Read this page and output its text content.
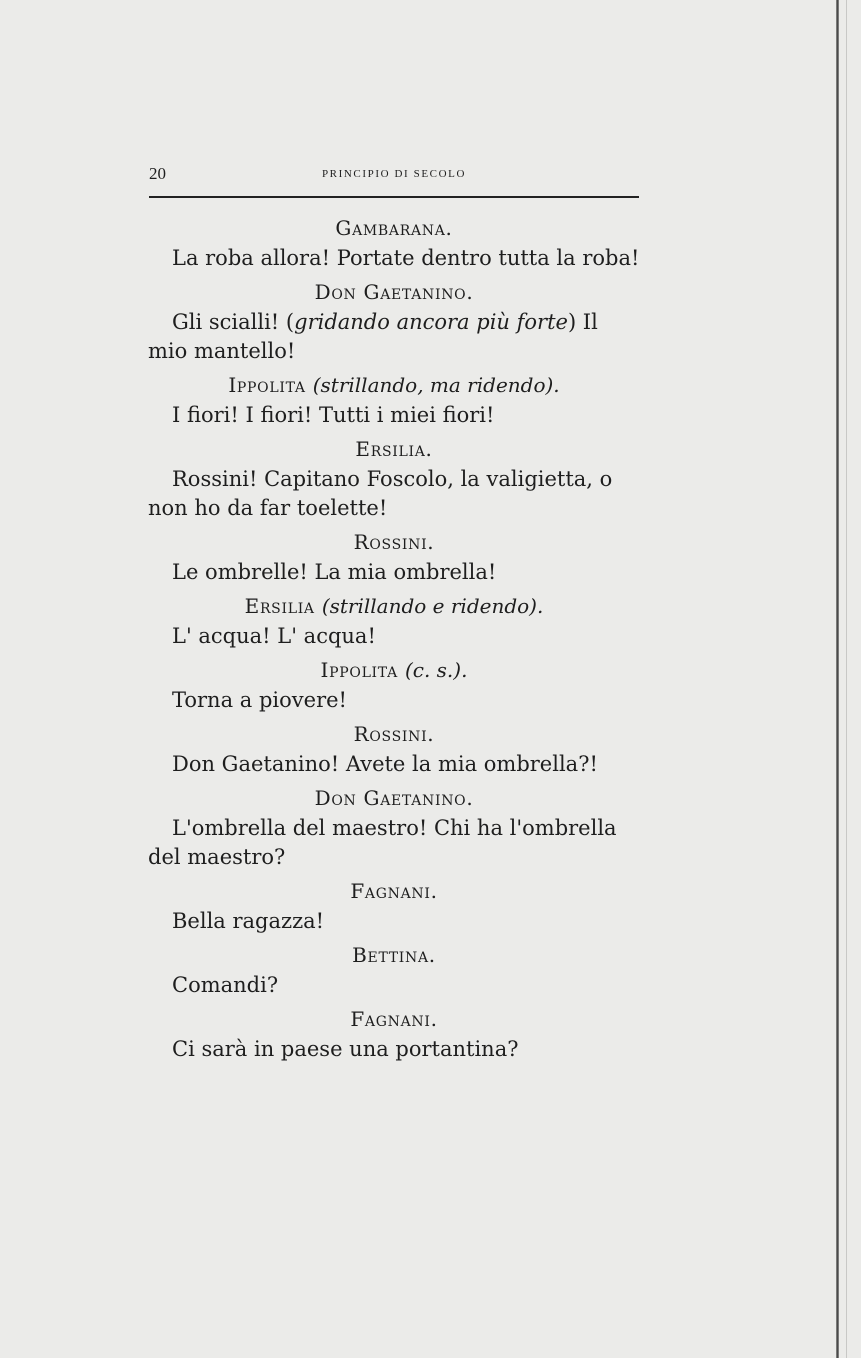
20	PRINCIPIO DI SECOLO
Gambarana.
La roba allora! Portate dentro tutta la roba!
Don Gaetanino.
Gli scialli! (gridando ancora più forte) Il mio mantello!
Ippolita (strillando, ma ridendo).
I fiori! I fiori! Tutti i miei fiori!
Ersilia.
Rossini! Capitano Foscolo, la valigietta, o non ho da far toelette!
Rossini.
Le ombrelle! La mia ombrella!
Ersilia (strillando e ridendo).
L' acqua! L' acqua!
Ippolita (c. s.).
Torna a piovere!
Rossini.
Don Gaetanino! Avete la mia ombrella?!
Don Gaetanino.
L'ombrella del maestro! Chi ha l'ombrella del maestro?
Fagnani.
Bella ragazza!
Bettina.
Comandi?
Fagnani.
Ci sarà in paese una portantina?
